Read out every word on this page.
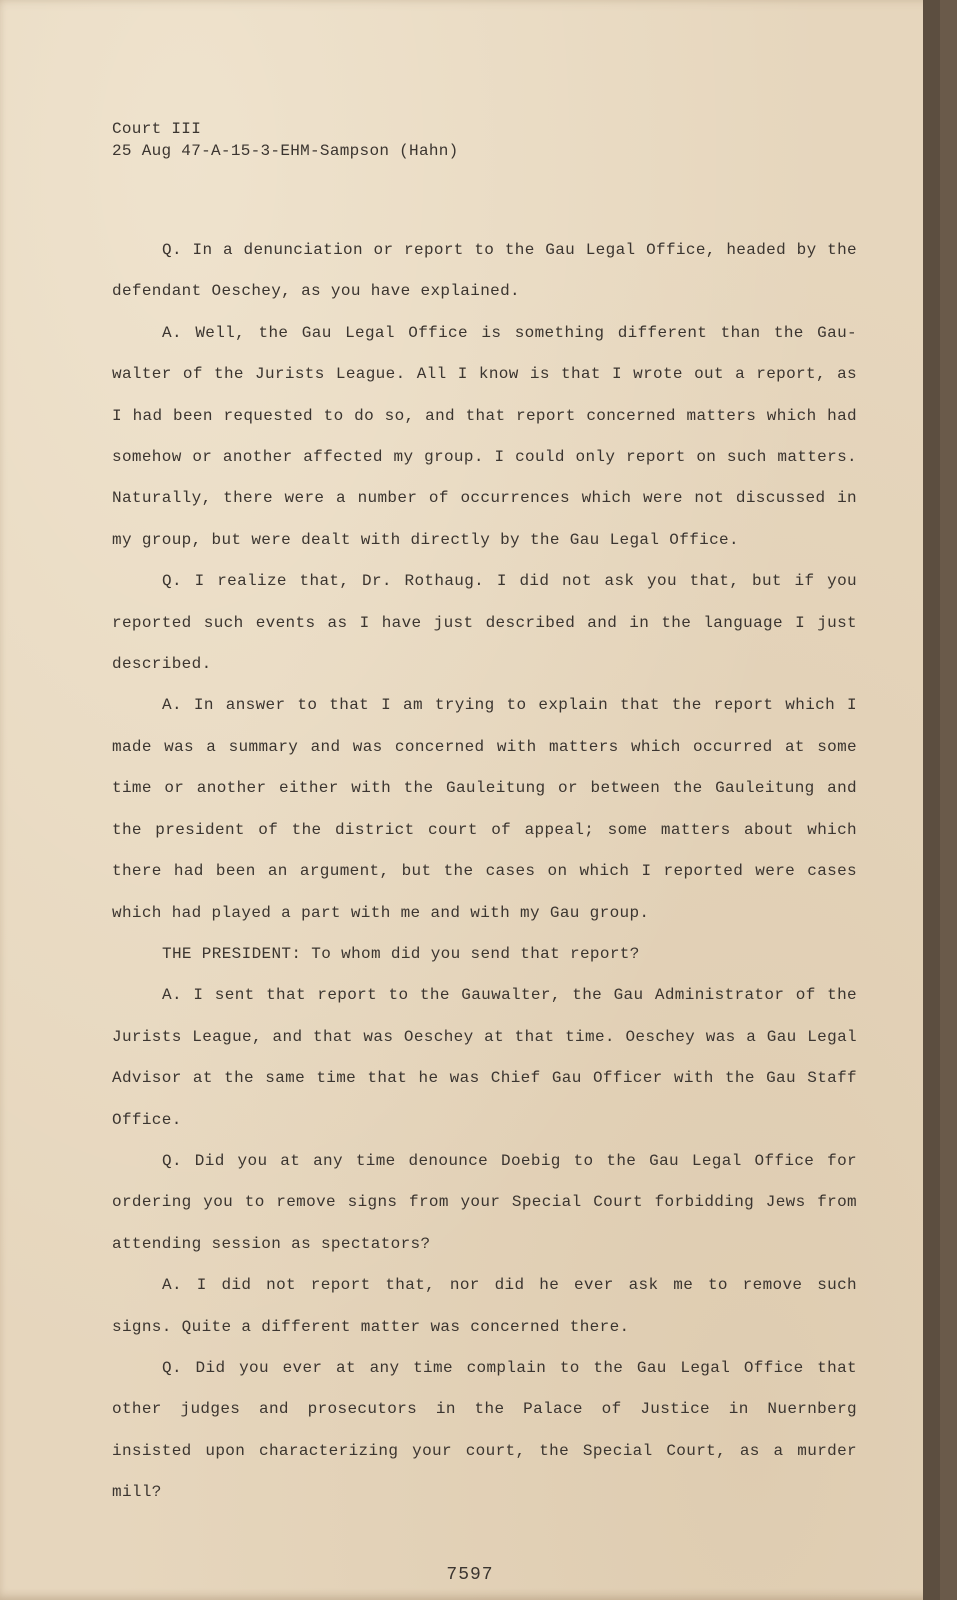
Court III
25 Aug 47-A-15-3-EHM-Sampson (Hahn)

Q. In a denunciation or report to the Gau Legal Office, headed by the defendant Oeschey, as you have explained.

A. Well, the Gau Legal Office is something different than the Gau-walter of the Jurists League. All I know is that I wrote out a report, as I had been requested to do so, and that report concerned matters which had somehow or another affected my group. I could only report on such matters. Naturally, there were a number of occurrences which were not discussed in my group, but were dealt with directly by the Gau Legal Office.

Q. I realize that, Dr. Rothaug. I did not ask you that, but if you reported such events as I have just described and in the language I just described.

A. In answer to that I am trying to explain that the report which I made was a summary and was concerned with matters which occurred at some time or another either with the Gauleitung or between the Gauleitung and the president of the district court of appeal; some matters about which there had been an argument, but the cases on which I reported were cases which had played a part with me and with my Gau group.

THE PRESIDENT: To whom did you send that report?

A. I sent that report to the Gauwalter, the Gau Administrator of the Jurists League, and that was Oeschey at that time. Oeschey was a Gau Legal Advisor at the same time that he was Chief Gau Officer with the Gau Staff Office.

Q. Did you at any time denounce Doebig to the Gau Legal Office for ordering you to remove signs from your Special Court forbidding Jews from attending session as spectators?

A. I did not report that, nor did he ever ask me to remove such signs. Quite a different matter was concerned there.

Q. Did you ever at any time complain to the Gau Legal Office that other judges and prosecutors in the Palace of Justice in Nuernberg insisted upon characterizing your court, the Special Court, as a murder mill?

7597
